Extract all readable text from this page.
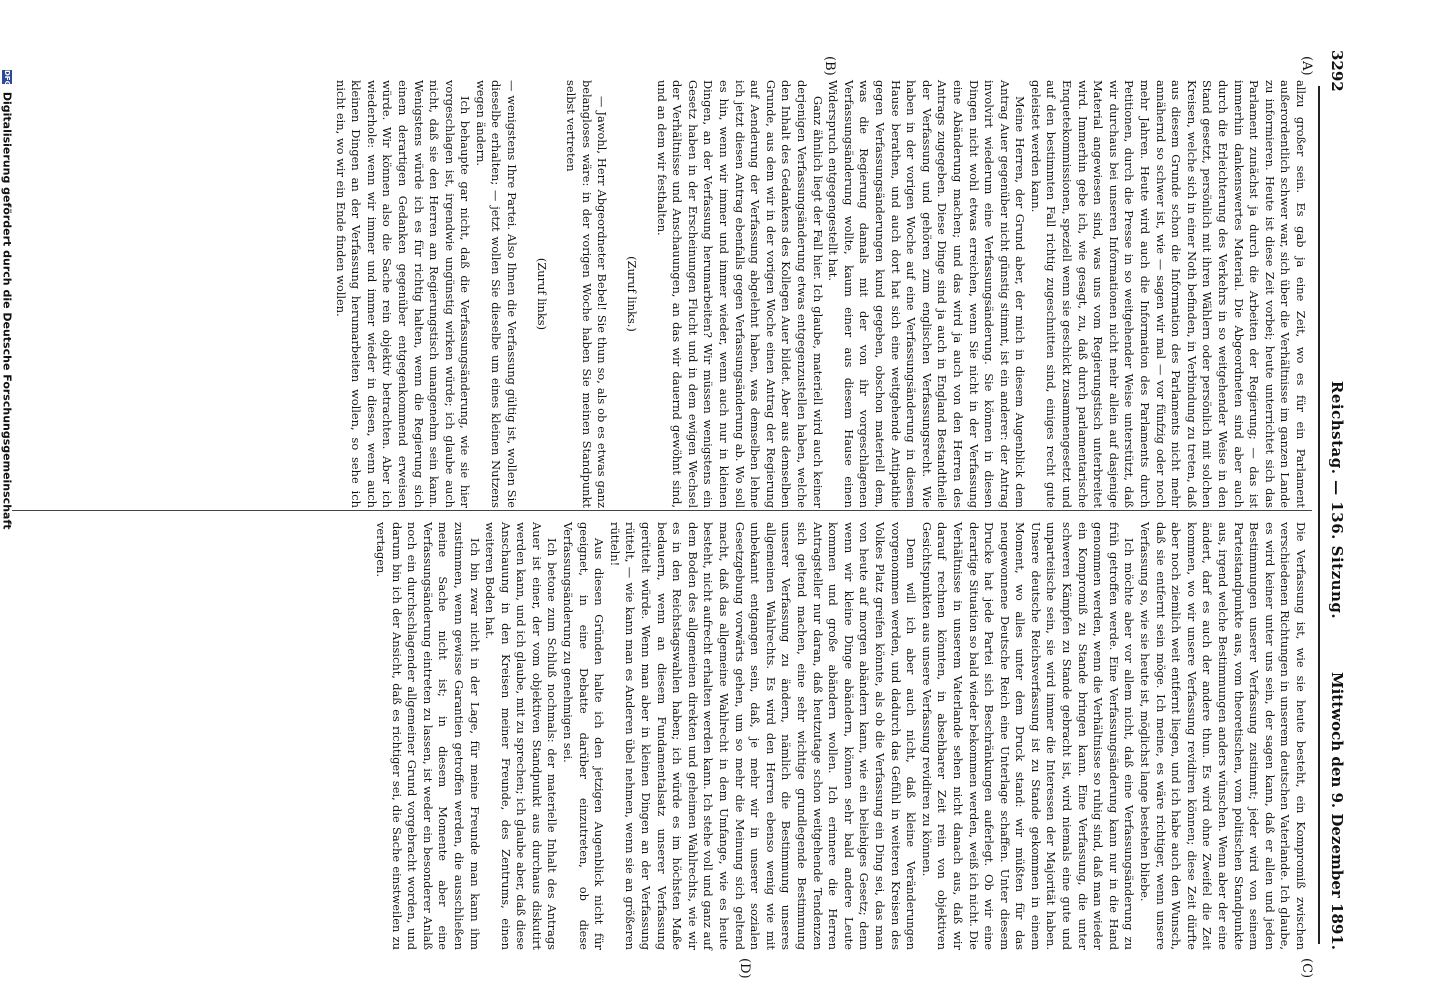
3292
Reichstag. — 136. Sitzung.
Mittwoch den 9. Dezember 1891.
(A)
(B)
(C)
(D)

allzu großer sein. Es gab ja eine Zeit, wo es für ein Parlament außerordentlich schwer war, sich über die Verhältnisse im ganzen Lande zu informieren. Heute ist diese Zeit vorbei; heute unterrichtet sich das Parlament zunächst ja durch die Arbeiten der Regierung; — das ist immerhin dankenswertes Material. Die Abgeordneten sind aber auch durch die Erleichterung des Verkehrs in so weitgehender Weise in den Stand gesetzt, persönlich mit ihren Wählern oder persönlich mit solchen Kreisen, welche sich in einer Noth befinden, in Verbindung zu treten, daß aus diesem Grunde schon die Information des Parlaments nicht mehr annähernd so schwer ist, wie — sagen wir mal — vor fünfzig oder noch mehr Jahren. Heute wird auch die Information des Parlaments durch Petitionen, durch die Presse in so weitgehender Weise unterstützt, daß wir durchaus bei unseren Informationen nicht mehr allein auf dasjenige Material angewiesen sind, was uns vom Regierungstisch unterbreitet wird. Immerhin gebe ich, wie gesagt, zu, daß durch parlamentarische Enquetekommissionen, speziell wenn sie geschickt zusammengesetzt und auf den bestimmten Fall richtig zugeschnitten sind, einiges recht gute geleistet werden kann.

Meine Herren, der Grund aber, der mich in diesem Augenblick dem Antrag Auer gegenüber nicht günstig stimmt, ist ein anderer: der Antrag involvirt wiederum eine Verfassungsänderung. Sie können in diesen Dingen nicht wohl etwas erreichen, wenn Sie nicht in der Verfassung eine Abänderung machen; und das wird ja auch von den Herren des Antrags zugegeben. Diese Dinge sind ja auch in England Bestandtheile der Verfassung und gehören zum englischen Verfassungsrecht. Wie haben in der vorigen Woche auf eine Verfassungsänderung in diesem Hause berathen, und auch dort hat sich eine weitgehende Antipathie gegen Verfassungsänderungen kund gegeben, obschon materiell dem, was die Regierung damals mit der von ihr vorgeschlagenen Verfassungsänderung wollte, kaum einer aus diesem Hause einen Widerspruch entgegengestellt hat.

Ganz ähnlich liegt der Fall hier. Ich glaube, materiell wird auch keiner derjenigen Verfassungsänderung etwas entgegenzustellen haben, welche den Inhalt des Gedankens des Kollegen Auer bildet. Aber aus demselben Grunde, aus dem wir in der vorigen Woche einen Antrag der Regierung auf Aenderung der Verfassung abgelehnt haben, was demselben lehne ich jetzt diesen Antrag ebenfalls gegen Verfassungsänderung ab. Wo soll es hin, wenn wir immer und immer wieder, wenn auch nur in kleinen Dingen, an der Verfassung herumarbeiten? Wir müssen wenigstens ein Gesetz haben in der Erscheinungen Flucht und in dem ewigen Wechsel der Verhältnisse und Anschauungen, an das wir dauernd gewöhnt sind, und an dem wir festhalten.

(Zuruf links.)

— Jawohl, Herr Abgeordneter Bebel! Sie thun so, als ob es etwas ganz belangloses wäre: in der vorigen Woche haben Sie meinen Standpunkt selbst vertreten

(Zuruf links)

— wenigstens Ihre Partei. Also Ihnen die Verfassung gültig ist, wollen Sie dieselbe erhalten; — jetzt wollen Sie dieselbe um eines kleinen Nutzens wegen ändern.

Ich behaupte gar nicht, daß die Verfassungsänderung, wie sie hier vorgeschlagen ist, irgendwie ungünstig wirken würde; ich glaube auch nicht, daß sie den Herren am Regierungstisch unangenehm sein kann. Wenigstens würde ich es für richtig halten, wenn die Regierung sich einem derartigen Gedanken gegenüber entgegenkommend erweisen würde. Wir können also die Sache rein objektiv betrachten. Aber ich wiederhole: wenn wir immer und immer wieder in diesen, wenn auch kleinen Dingen an der Verfassung herumarbeiten wollen, so sehe ich nicht ein, wo wir ein Ende finden wollen.

Die Verfassung ist, wie sie heute besteht, ein Kompromiß zwischen verschiedenen Richtungen in unserem deutschen Vaterlande. Ich glaube, es wird keiner unter uns sein, der sagen kann, daß er allen und jeden Bestimmungen unserer Verfassung zustimmt; jeder wird von seinem Parteistandpunkte aus, vom theoretischen, vom politischen Standpunkte aus, irgend welche Bestimmungen anders wünschen. Wenn aber der eine ändert, darf es auch der andere thun. Es wird ohne Zweifel die Zeit kommen, wo wir unsere Verfassung revidiren können; diese Zeit dürfte aber noch ziemlich weit entfernt liegen, und ich habe auch den Wunsch, daß sie entfernt sein möge. Ich meine, es wäre richtiger, wenn unsere Verfassung so, wie sie heute ist, möglichst lange bestehen bliebe.

Ich möchte aber vor allem nicht, daß eine Verfassungsänderung zu früh getroffen werde. Eine Verfassungsänderung kann nur in die Hand genommen werden, wenn die Verhältnisse so ruhig sind, daß man wieder ein Kompromiß zu Stande bringen kann. Eine Verfassung, die unter schweren Kämpfen zu Stande gebracht ist, wird niemals eine gute und unparteiische sein, sie wird immer die Interessen der Majorität haben. Unsere deutsche Reichsverfassung ist zu Stande gekommen in einem Moment, wo alles unter dem Druck stand: wir müßten für das neugewonnene Deutsche Reich eine Unterlage schaffen. Unter diesem Drucke hat jede Partei sich Beschränkungen auferlegt. Ob wir eine derartige Situation so bald wieder bekommen werden, weiß ich nicht. Die Verhältnisse in unserem Vaterlande sehen nicht danach aus, daß wir darauf rechnen könnten, in absehbarer Zeit rein von objektiven Gesichtspunkten aus unsere Verfassung revidiren zu können.

Denn will ich aber auch nicht, daß kleine Veränderungen vorgenommen werden, und dadurch das Gefühl in weiteren Kreisen des Volkes Platz greifen könnte, als ob die Verfassung ein Ding sei, das man von heute auf morgen abändern kann, wie ein beliebiges Gesetz; denn wenn wir kleine Dinge abändern, können sehr bald andere Leute kommen und große abändern wollen. Ich erinnere die Herren Antragsteller nur daran, daß heutzutage schon weitgehende Tendenzen sich geltend machen, eine sehr wichtige grundlegende Bestimmung unserer Verfassung zu ändern, nämlich die Bestimmung unseres allgemeinen Wahlrechts. Es wird den Herren ebenso wenig wie mit unbekannt entgangen sein, daß, je mehr wir in unserer sozialen Gesetzgebung vorwärts gehen, um so mehr die Meinung sich geltend macht, daß das allgemeine Wahlrecht in dem Umfange, wie es heute besteht, nicht aufrecht erhalten werden kann. Ich stehe voll und ganz auf dem Boden des allgemeinen direkten und geheimen Wahlrechts, wie wir es in den Reichstagswahlen haben; ich würde es im höchsten Maße bedauern, wenn an diesem Fundamentalsatz unserer Verfassung gerüttelt würde. Wenn man aber in kleinen Dingen an der Verfassung rüttelt, — wie kann man es Anderen übel nehmen, wenn sie an größeren rütteln!

Aus diesen Gründen halte ich den jetzigen Augenblick nicht für geeignet, in eine Debatte darüber einzutreten, ob diese Verfassungsänderung zu genehmigen sei.

Ich betone zum Schluß nochmals: der materielle Inhalt des Antrags Auer ist einer, der vom objektiven Standpunkt aus durchaus diskutirt werden kann, und ich glaube, mit zu sprechen; ich glaube aber, daß diese Anschauung in den Kreisen meiner Freunde, des Zentrums, einen weiteren Boden hat.

Ich bin zwar nicht in der Lage, für meine Freunde man kann ihm zustimmen, wenn gewisse Garantien getroffen werden, die ausschließen meine Sache nicht ist; in diesem Momente aber eine Verfassungsänderung eintreten zu lassen, ist weder ein besonderer Anlaß noch ein durchschlagender allgemeiner Grund vorgebracht worden, und darum bin ich der Ansicht, daß es richtiger sei, die Sache einstweilen zu vertagen.

DFG Digitalisierung gefördert durch die Deutsche Forschungsgemeinschaft
